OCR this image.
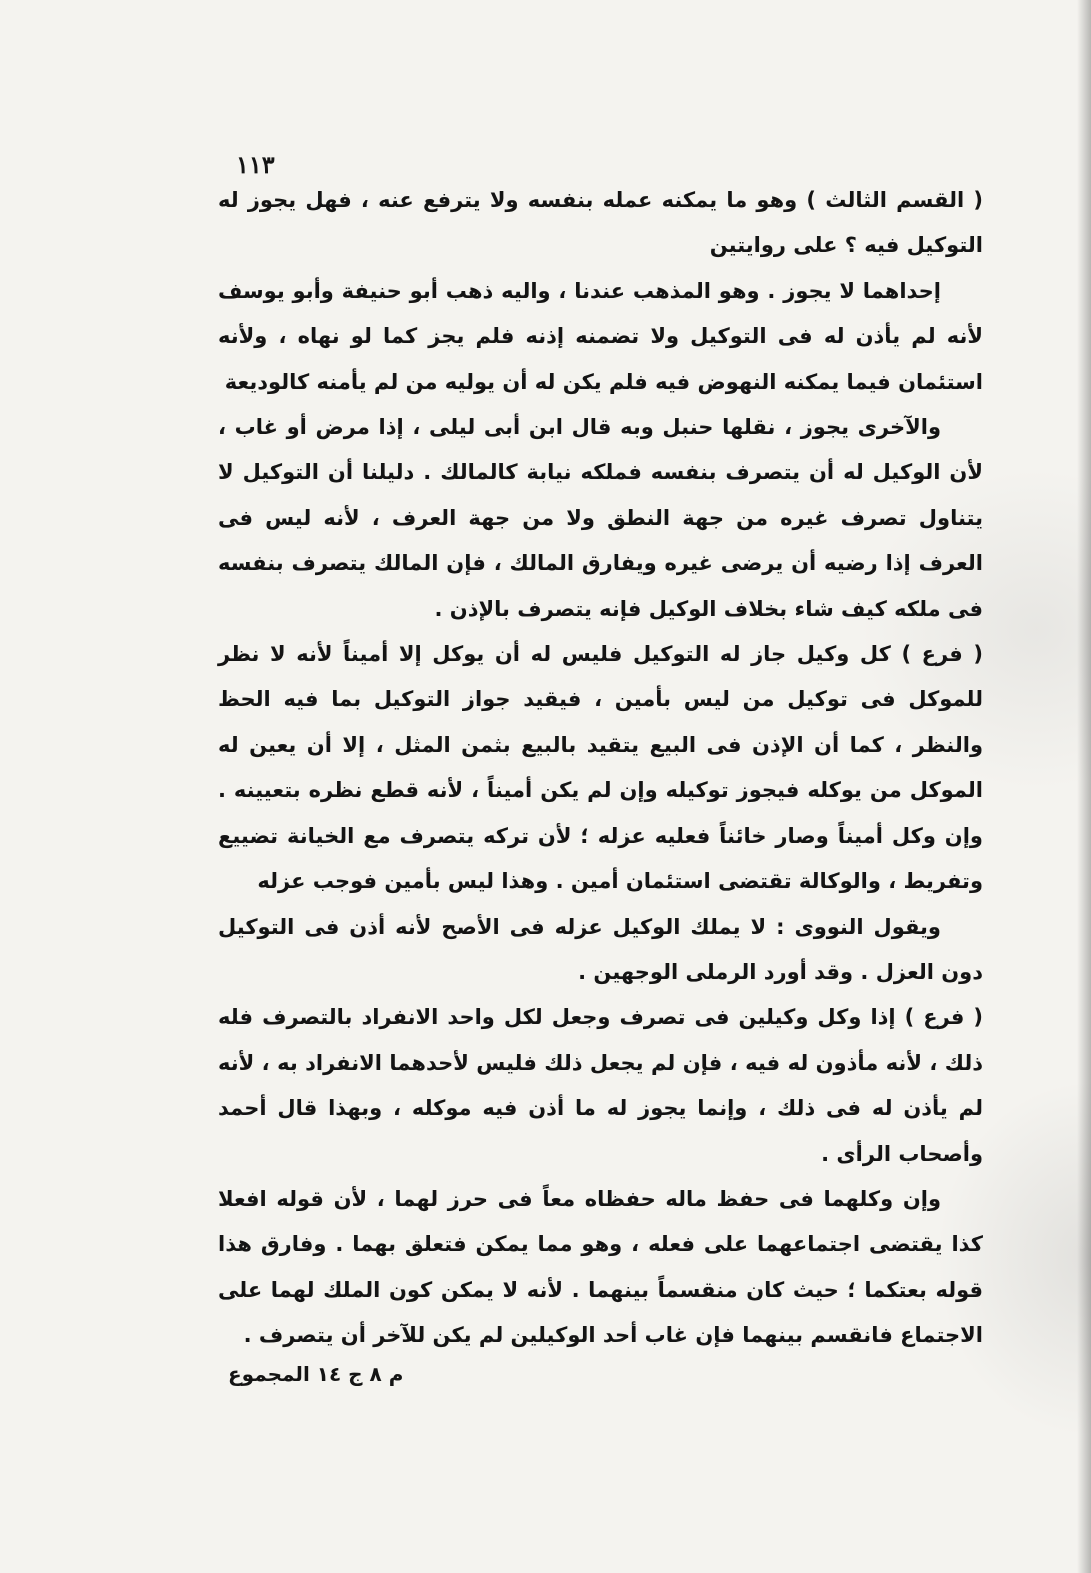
١١٣

( القسم الثالث ) وهو ما يمكنه عمله بنفسه ولا يترفع عنه ، فهل يجوز له التوكيل فيه ؟ على روايتين

إحداهما لا يجوز . وهو المذهب عندنا ، واليه ذهب أبو حنيفة وأبو يوسف لأنه لم يأذن له فى التوكيل ولا تضمنه إذنه فلم يجز كما لو نهاه ، ولأنه استئمان فيما يمكنه النهوض فيه فلم يكن له أن يوليه من لم يأمنه كالوديعة

والآخرى يجوز ، نقلها حنبل وبه قال ابن أبى ليلى ، إذا مرض أو غاب ، لأن الوكيل له أن يتصرف بنفسه فملكه نيابة كالمالك . دليلنا أن التوكيل لا يتناول تصرف غيره من جهة النطق ولا من جهة العرف ، لأنه ليس فى العرف إذا رضيه أن يرضى غيره ويفارق المالك ، فإن المالك يتصرف بنفسه فى ملكه كيف شاء بخلاف الوكيل فإنه يتصرف بالإذن .

( فرع ) كل وكيل جاز له التوكيل فليس له أن يوكل إلا أميناً لأنه لا نظر للموكل فى توكيل من ليس بأمين ، فيقيد جواز التوكيل بما فيه الحظ والنظر ، كما أن الإذن فى البيع يتقيد بالبيع بثمن المثل ، إلا أن يعين له الموكل من يوكله فيجوز توكيله وإن لم يكن أميناً ، لأنه قطع نظره بتعيينه . وإن وكل أميناً وصار خائناً فعليه عزله ؛ لأن تركه يتصرف مع الخيانة تضييع وتفريط ، والوكالة تقتضى استئمان أمين . وهذا ليس بأمين فوجب عزله

ويقول النووى : لا يملك الوكيل عزله فى الأصح لأنه أذن فى التوكيل دون العزل . وقد أورد الرملى الوجهين .

( فرع ) إذا وكل وكيلين فى تصرف وجعل لكل واحد الانفراد بالتصرف فله ذلك ، لأنه مأذون له فيه ، فإن لم يجعل ذلك فليس لأحدهما الانفراد به ، لأنه لم يأذن له فى ذلك ، وإنما يجوز له ما أذن فيه موكله ، وبهذا قال أحمد وأصحاب الرأى .

وإن وكلهما فى حفظ ماله حفظاه معاً فى حرز لهما ، لأن قوله افعلا كذا يقتضى اجتماعهما على فعله ، وهو مما يمكن فتعلق بهما . وفارق هذا قوله بعتكما ؛ حيث كان منقسماً بينهما . لأنه لا يمكن كون الملك لهما على الاجتماع فانقسم بينهما فإن غاب أحد الوكيلين لم يكن للآخر أن يتصرف .

م ٨ ج ١٤ المجموع
